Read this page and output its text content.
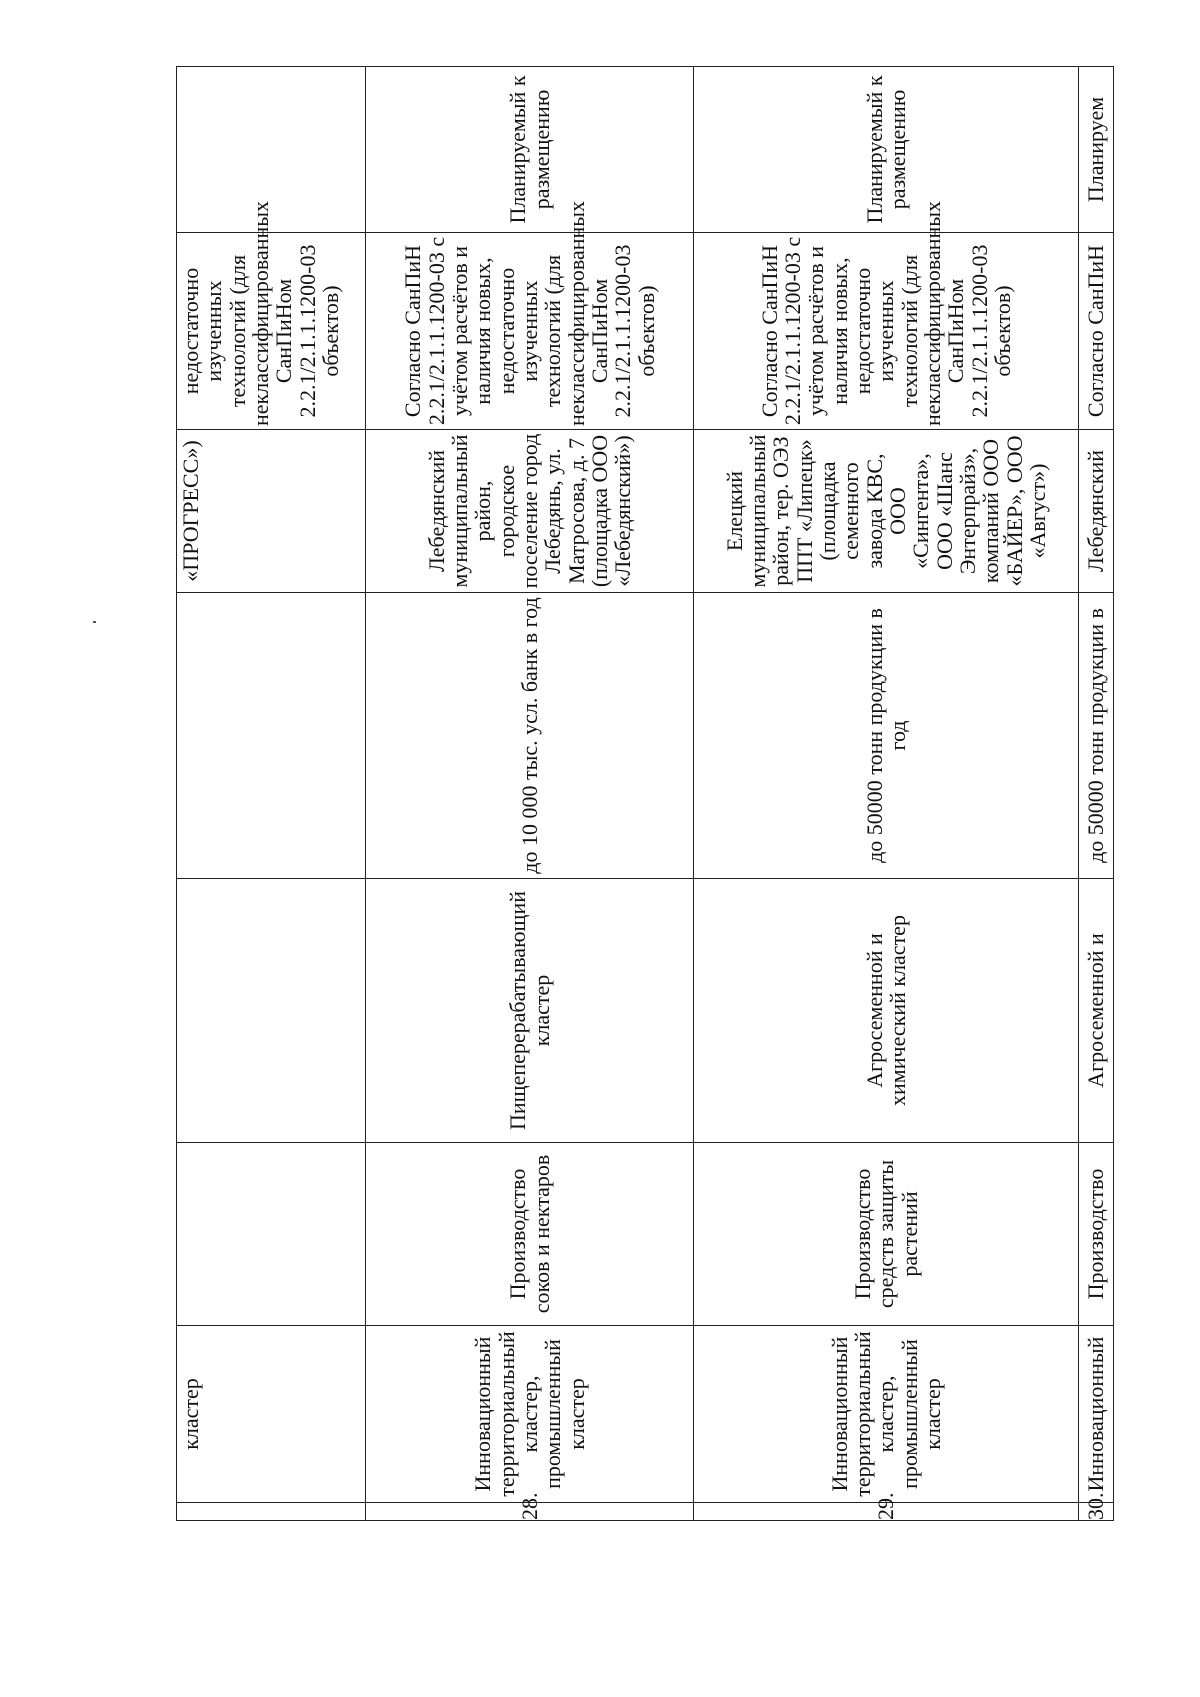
	кластер				«ПРОГРЕСС»)	недостаточно изученных технологий (для неклассифицированных СанПиНом 2.2.1/2.1.1.1200-03 объектов)	

28.	Инновационный территориальный кластер, промышленный кластер	Производство соков и нектаров	Пищеперерабатывающий кластер	до 10 000 тыс. усл. банк в год	Лебедянский муниципальный район, городское поселение город Лебедянь, ул. Матросова, д. 7 (площадка ООО «Лебедянский»)	Согласно СанПиН 2.2.1/2.1.1.1200-03 с учётом расчётов и наличия новых, недостаточно изученных технологий (для неклассифицированных СанПиНом 2.2.1/2.1.1.1200-03 объектов)	Планируемый к размещению

29.	Инновационный территориальный кластер, промышленный кластер	Производство средств защиты растений	Агросеменной и химический кластер	до 50000 тонн продукции в год	Елецкий муниципальный район, тер. ОЭЗ ППТ «Липецк» (площадка семенного завода КВС, ООО «Сингента», ООО «Шанс Энтерпрайз», компаний ООО «БАЙЕР», ООО «Август»)	Согласно СанПиН 2.2.1/2.1.1.1200-03 с учётом расчётов и наличия новых, недостаточно изученных технологий (для неклассифицированных СанПиНом 2.2.1/2.1.1.1200-03 объектов)	Планируемый к размещению

30.	Инновационный	Производство	Агросеменной и	до 50000 тонн продукции в	Лебедянский	Согласно СанПиН	Планируем
